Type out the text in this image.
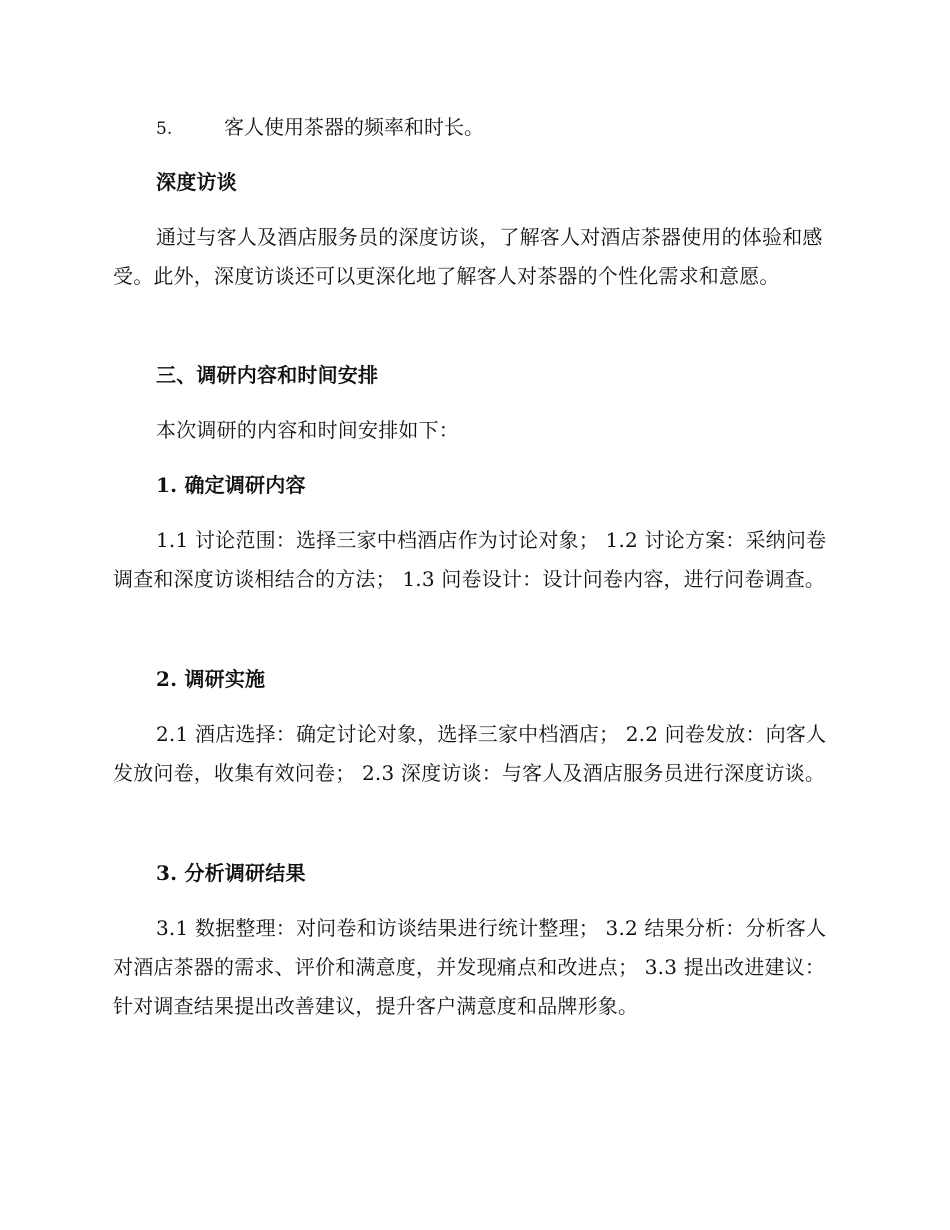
5.	客人使用茶器的频率和时长。
深度访谈
通过与客人及酒店服务员的深度访谈，了解客人对酒店茶器使用的体验和感受。此外，深度访谈还可以更深化地了解客人对茶器的个性化需求和意愿。
三、调研内容和时间安排
本次调研的内容和时间安排如下：
1. 确定调研内容
1.1 讨论范围：选择三家中档酒店作为讨论对象； 1.2 讨论方案：采纳问卷调查和深度访谈相结合的方法； 1.3 问卷设计：设计问卷内容，进行问卷调查。
2. 调研实施
2.1 酒店选择：确定讨论对象，选择三家中档酒店； 2.2 问卷发放：向客人发放问卷，收集有效问卷； 2.3 深度访谈：与客人及酒店服务员进行深度访谈。
3. 分析调研结果
3.1 数据整理：对问卷和访谈结果进行统计整理； 3.2 结果分析：分析客人对酒店茶器的需求、评价和满意度，并发现痛点和改进点； 3.3 提出改进建议：针对调查结果提出改善建议，提升客户满意度和品牌形象。
